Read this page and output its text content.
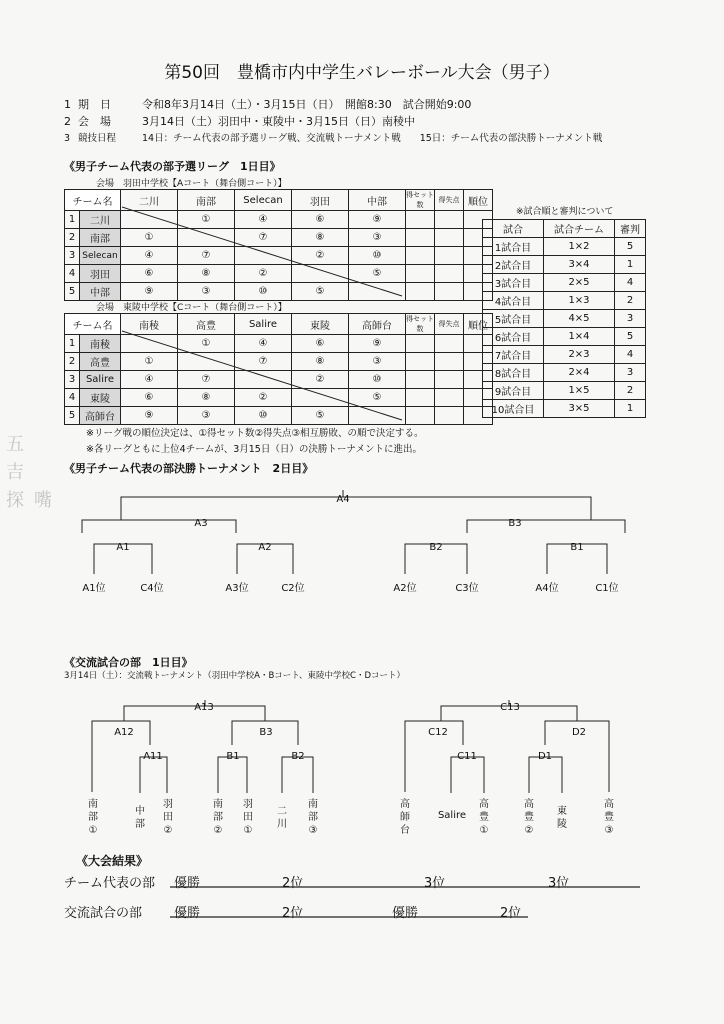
第50回　豊橋市内中学生バレーボール大会（男子）
1 期　日	令和8年3月14日（土）・3月15日（日）　開館8:30　試合開始9:00
2 会　場	3月14日（土）羽田中・東陵中・3月15日（日）南稜中
3 競技日程	14日：チーム代表の部予選リーグ戦、交流戦トーナメント戦　　15日：チーム代表の部決勝トーナメント戦
《男子チーム代表の部予選リーグ　1日目》
会場　羽田中学校【Aコート（舞台側コート）】
チーム名		二川	南部	Selecan	羽田	中部	得セット数	得失点	順位
1	二川		①	④	⑥	⑨			
2	南部	①		⑦	⑧	③			
3	Selecan	④	⑦		②	⑩			
4	羽田	⑥	⑧	②		⑤			
5	中部	⑨	③	⑩	⑤				
会場　東陵中学校【Cコート（舞台側コート）】
チーム名		南稜	高豊	Salire	東陵	高師台	得セット数	得失点	順位
1	南稜		①	④	⑥	⑨			
2	高豊	①		⑦	⑧	③			
3	Salire	④	⑦		②	⑩			
4	東陵	⑥	⑧	②		⑤			
5	高師台	⑨	③	⑩	⑤				
※リーグ戦の順位決定は、①得セット数②得失点③相互勝敗、の順で決定する。
※各リーグともに上位4チームが、3月15日（日）の決勝トーナメントに進出。
※試合順と審判について
試合	試合チーム	審判
1試合目	1×2	5
2試合目	3×4	1
3試合目	2×5	4
4試合目	1×3	2
5試合目	4×5	3
6試合目	1×4	5
7試合目	2×3	4
8試合目	2×4	3
9試合目	1×5	2
10試合目	3×5	1
五
吉
探 嘴
《男子チーム代表の部決勝トーナメント　2日目》
A4
A3	B3
A1	A2	B2	B1
A1位	C4位	A3位	C2位	A2位	C3位	A4位	C1位
《交流試合の部　1日目》
3月14日（土）：交流戦トーナメント（羽田中学校A・Bコート、東陵中学校C・Dコート）
A13	C13
A12	B3
A11	B1	B2
C12	D2
C11	D1
南部①
中部
羽田②
南部②
羽田①
二川
南部③
高師台
Salire
高豊①
高豊②
東陵
高豊③
《大会結果》
チーム代表の部 優勝	2位	3位	3位
交流試合の部 優勝	2位	優勝	2位
